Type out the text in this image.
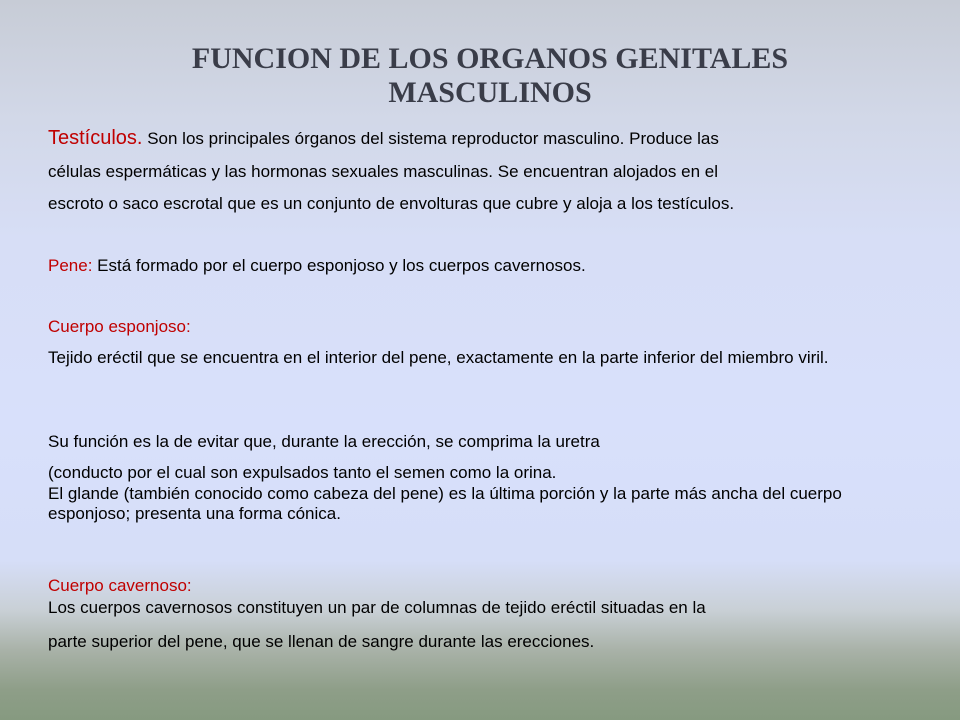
FUNCION DE LOS ORGANOS GENITALES
MASCULINOS
Testículos. Son los principales órganos del sistema reproductor masculino. Produce las
células espermáticas y las hormonas sexuales masculinas. Se encuentran alojados en el
escroto o saco escrotal que es un conjunto de envolturas que cubre y aloja a los testículos.
Pene: Está formado por el cuerpo esponjoso y los cuerpos cavernosos.
Cuerpo esponjoso:
Tejido eréctil que se encuentra en el interior del pene, exactamente en la parte inferior del miembro viril.
Su función es la de evitar que, durante la erección, se comprima la uretra
(conducto por el cual son expulsados tanto el semen como la orina.
El glande (también conocido como cabeza del pene) es la última porción y la parte más ancha del cuerpo esponjoso; presenta una forma cónica.
Cuerpo cavernoso:
Los cuerpos cavernosos constituyen un par de columnas de tejido eréctil situadas en la
parte superior del pene, que se llenan de sangre durante las erecciones.
